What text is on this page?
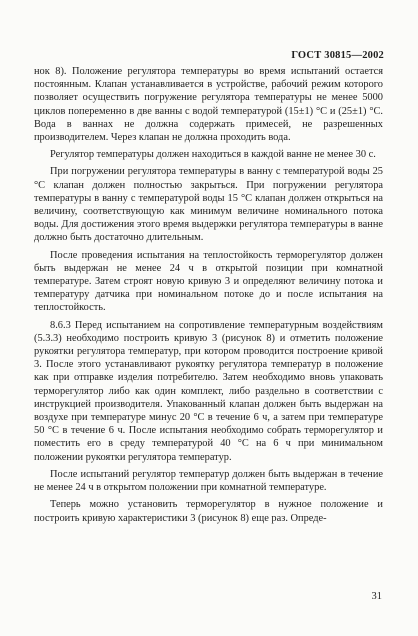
ГОСТ 30815—2002

нок 8). Положение регулятора температуры во время испытаний остается постоянным. Клапан устанавливается в устройстве, рабочий режим которого позволяет осуществить погружение регулятора температуры не менее 5000 циклов попеременно в две ванны с водой температурой (15±1) °С и (25±1) °С. Вода в ваннах не должна содержать примесей, не разрешенных производителем. Через клапан не должна проходить вода.

Регулятор температуры должен находиться в каждой ванне не менее 30 с.

При погружении регулятора температуры в ванну с температурой воды 25 °С клапан должен полностью закрыться. При погружении регулятора температуры в ванну с температурой воды 15 °С клапан должен открыться на величину, соответствующую как минимум величине номинального потока воды. Для достижения этого время выдержки регулятора температуры в ванне должно быть достаточно длительным.

После проведения испытания на теплостойкость терморегулятор должен быть выдержан не менее 24 ч в открытой позиции при комнатной температуре. Затем строят новую кривую 3 и определяют величину потока и температуру датчика при номинальном потоке до и после испытания на теплостойкость.

8.6.3 Перед испытанием на сопротивление температурным воздействиям (5.3.3) необходимо построить кривую 3 (рисунок 8) и отметить положение рукоятки регулятора температур, при котором проводится построение кривой 3. После этого устанавливают рукоятку регулятора температур в положение как при отправке изделия потребителю. Затем необходимо вновь упаковать терморегулятор либо как один комплект, либо раздельно в соответствии с инструкцией производителя. Упакованный клапан должен быть выдержан на воздухе при температуре минус 20 °С в течение 6 ч, а затем при температуре 50 °С в течение 6 ч. После испытания необходимо собрать терморегулятор и поместить его в среду температурой 40 °С на 6 ч при минимальном положении рукоятки регулятора температур.

После испытаний регулятор температур должен быть выдержан в течение не менее 24 ч в открытом положении при комнатной температуре.

Теперь можно установить терморегулятор в нужное положение и построить кривую характеристики 3 (рисунок 8) еще раз. Опреде-

31
